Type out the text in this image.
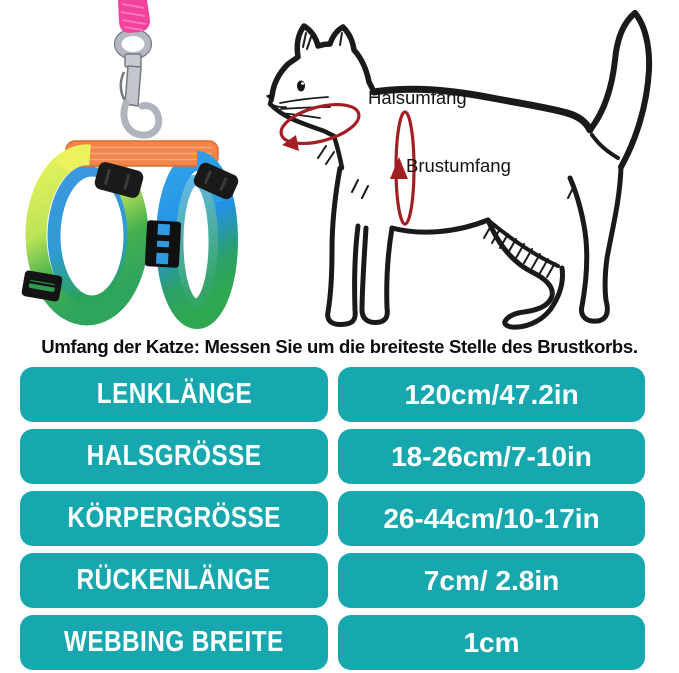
Halsumfang
Brustumfang
Umfang der Katze: Messen Sie um die breiteste Stelle des Brustkorbs.
LENKLÄNGE	120cm/47.2in
HALSGRÖSSE	18-26cm/7-10in
KÖRPERGRÖSSE	26-44cm/10-17in
RÜCKENLÄNGE	7cm/ 2.8in
WEBBING BREITE	1cm
